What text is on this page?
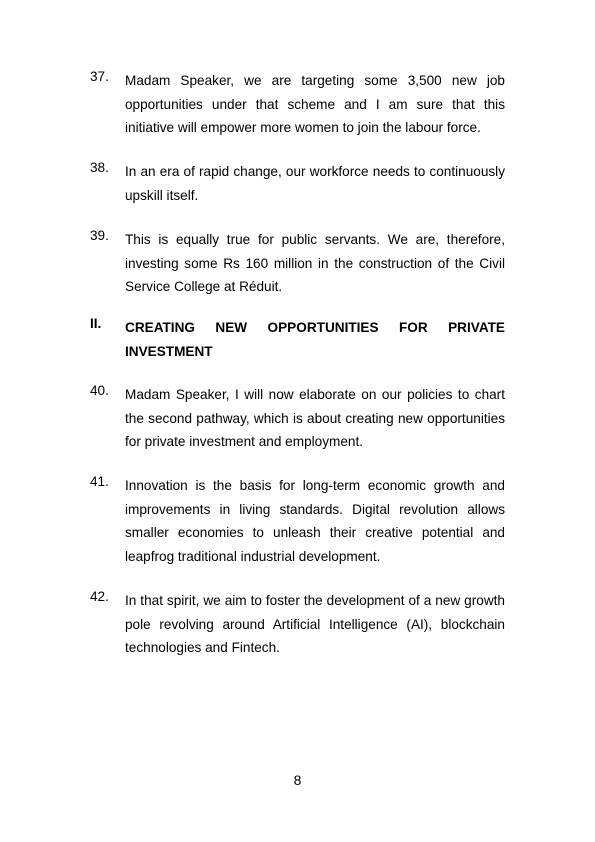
37.	Madam Speaker, we are targeting some 3,500 new job opportunities under that scheme and I am sure that this initiative will empower more women to join the labour force.
38.	In an era of rapid change, our workforce needs to continuously upskill itself.
39.	This is equally true for public servants. We are, therefore, investing some Rs 160 million in the construction of the Civil Service College at Réduit.
II.	CREATING NEW OPPORTUNITIES FOR PRIVATE INVESTMENT
40.	Madam Speaker, I will now elaborate on our policies to chart the second pathway, which is about creating new opportunities for private investment and employment.
41.	Innovation is the basis for long-term economic growth and improvements in living standards. Digital revolution allows smaller economies to unleash their creative potential and leapfrog traditional industrial development.
42.	In that spirit, we aim to foster the development of a new growth pole revolving around Artificial Intelligence (AI), blockchain technologies and Fintech.
8
